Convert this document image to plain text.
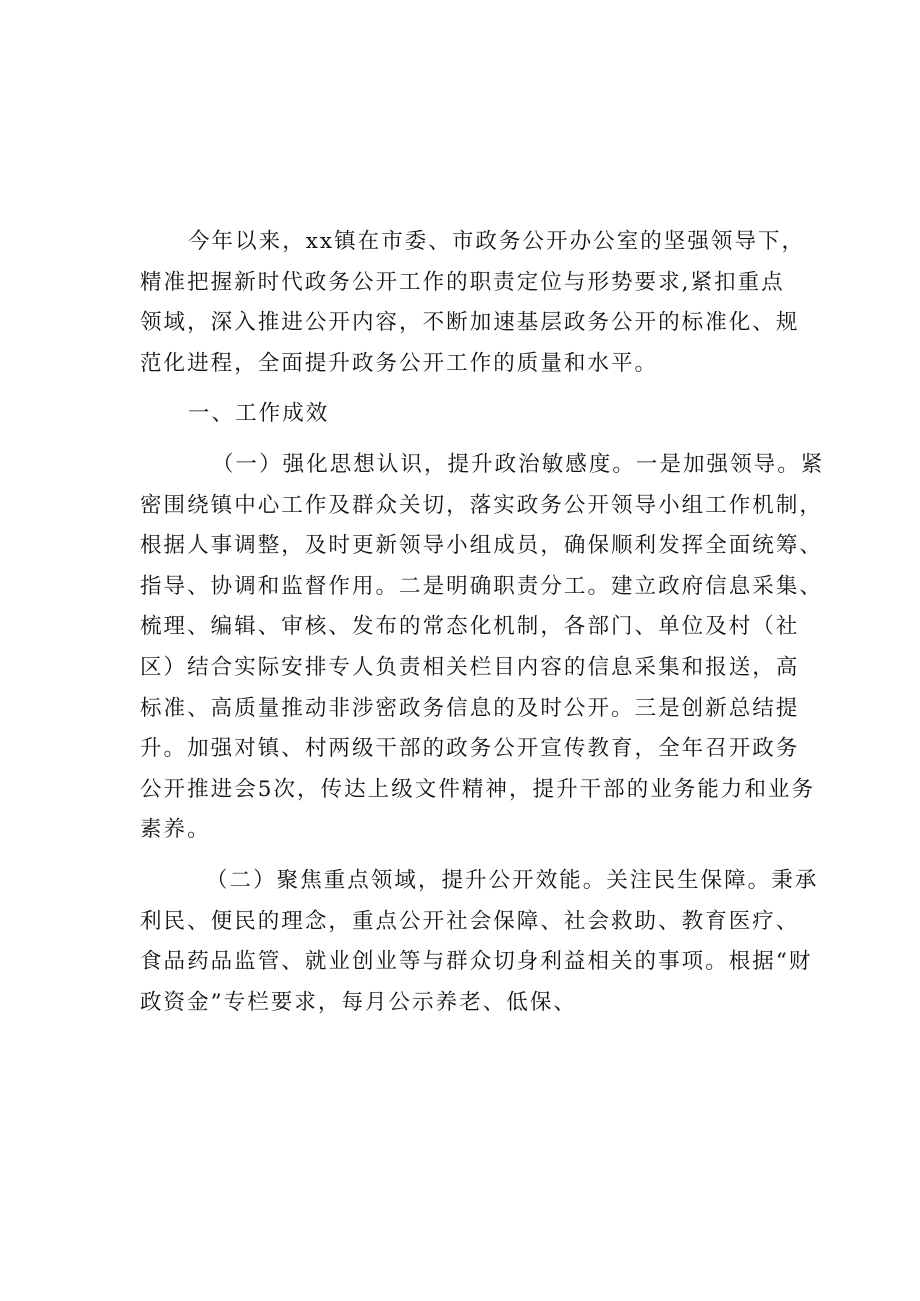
今年以来，xx镇在市委、市政务公开办公室的坚强领导下，
精准把握新时代政务公开工作的职责定位与形势要求,紧扣重点
领域，深入推进公开内容，不断加速基层政务公开的标准化、规
范化进程，全面提升政务公开工作的质量和水平。
一、工作成效
（一）强化思想认识，提升政治敏感度。一是加强领导。紧
密围绕镇中心工作及群众关切，落实政务公开领导小组工作机制，
根据人事调整，及时更新领导小组成员，确保顺利发挥全面统筹、
指导、协调和监督作用。二是明确职责分工。建立政府信息采集、
梳理、编辑、审核、发布的常态化机制，各部门、单位及村（社
区）结合实际安排专人负责相关栏目内容的信息采集和报送，高
标准、高质量推动非涉密政务信息的及时公开。三是创新总结提
升。加强对镇、村两级干部的政务公开宣传教育，全年召开政务
公开推进会5次，传达上级文件精神，提升干部的业务能力和业务
素养。
（二）聚焦重点领域，提升公开效能。关注民生保障。秉承
利民、便民的理念，重点公开社会保障、社会救助、教育医疗、
食品药品监管、就业创业等与群众切身利益相关的事项。根据“财
政资金”专栏要求，每月公示养老、低保、
